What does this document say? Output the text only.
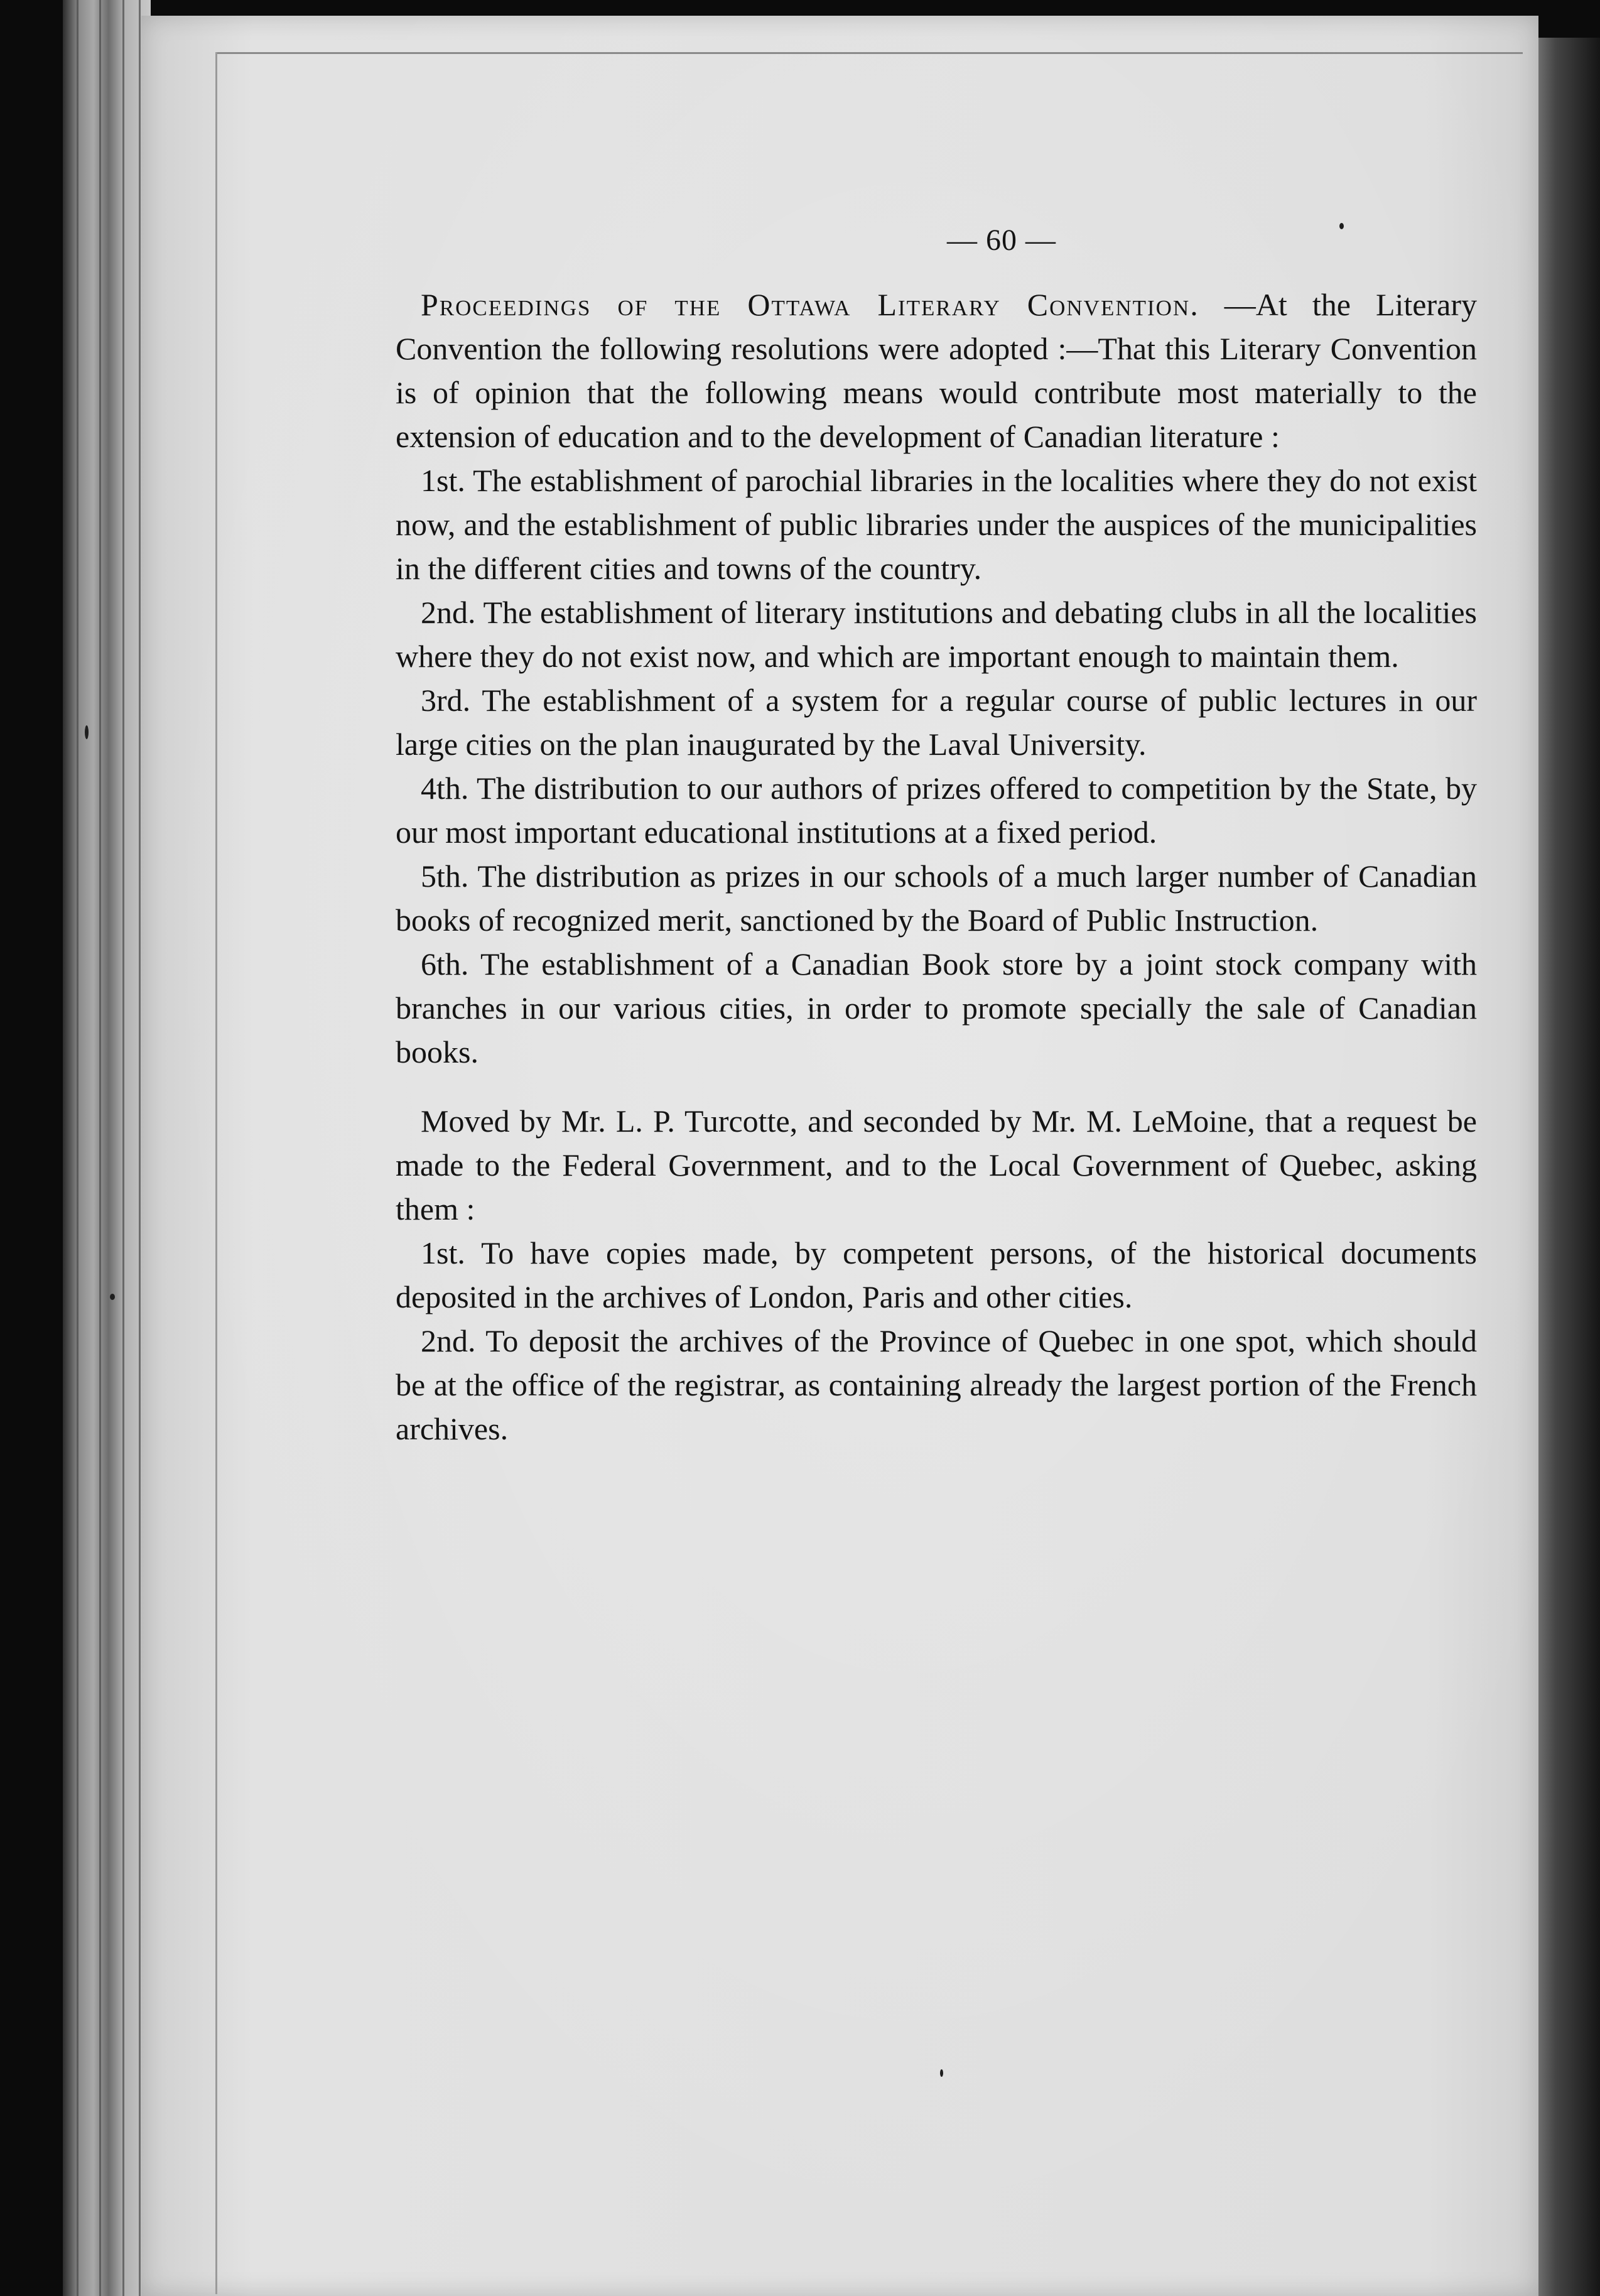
— 60 —

Proceedings of the Ottawa Literary Convention. —At the Literary Convention the following resolutions were adopted :—That this Literary Convention is of opinion that the following means would contribute most materially to the extension of education and to the development of Canadian literature :

1st. The establishment of parochial libraries in the localities where they do not exist now, and the establishment of public libraries under the auspices of the municipalities in the different cities and towns of the country.

2nd. The establishment of literary institutions and debating clubs in all the localities where they do not exist now, and which are important enough to maintain them.

3rd. The establishment of a system for a regular course of public lectures in our large cities on the plan inaugurated by the Laval University.

4th. The distribution to our authors of prizes offered to competition by the State, by our most important educational institutions at a fixed period.

5th. The distribution as prizes in our schools of a much larger number of Canadian books of recognized merit, sanctioned by the Board of Public Instruction.

6th. The establishment of a Canadian Book store by a joint stock company with branches in our various cities, in order to promote specially the sale of Canadian books.

Moved by Mr. L. P. Turcotte, and seconded by Mr. M. LeMoine, that a request be made to the Federal Government, and to the Local Government of Quebec, asking them :

1st. To have copies made, by competent persons, of the historical documents deposited in the archives of London, Paris and other cities.

2nd. To deposit the archives of the Province of Quebec in one spot, which should be at the office of the registrar, as containing already the largest portion of the French archives.
